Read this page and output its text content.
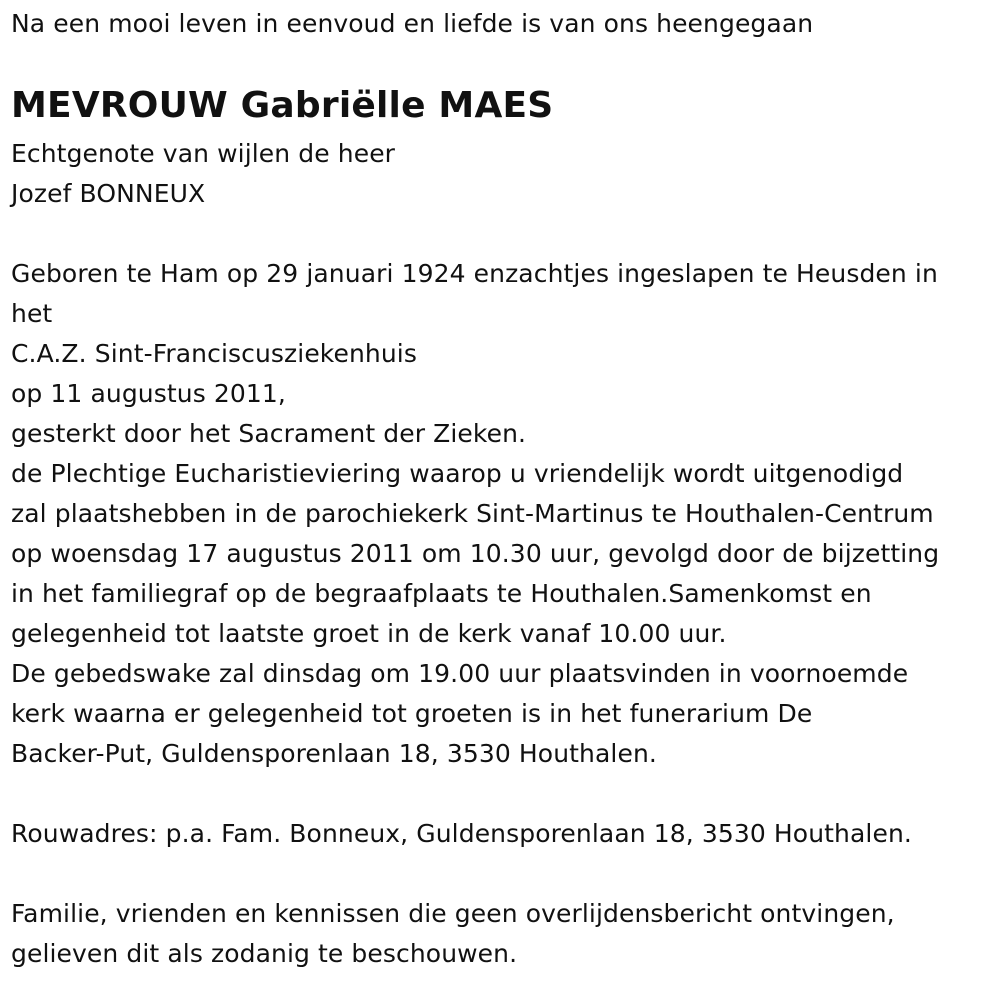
Na een mooi leven in eenvoud en liefde is van ons heengegaan
MEVROUW Gabriëlle MAES
Echtgenote van wijlen de heer
Jozef BONNEUX
Geboren te Ham op 29 januari 1924 enzachtjes ingeslapen te Heusden in
het
C.A.Z. Sint-Franciscusziekenhuis
op 11 augustus 2011,
gesterkt door het Sacrament der Zieken.
de Plechtige Eucharistieviering waarop u vriendelijk wordt uitgenodigd
zal plaatshebben in de parochiekerk Sint-Martinus te Houthalen-Centrum
op woensdag 17 augustus 2011 om 10.30 uur, gevolgd door de bijzetting
in het familiegraf op de begraafplaats te Houthalen.Samenkomst en
gelegenheid tot laatste groet in de kerk vanaf 10.00 uur.
De gebedswake zal dinsdag om 19.00 uur plaatsvinden in voornoemde
kerk waarna er gelegenheid tot groeten is in het funerarium De
Backer-Put, Guldensporenlaan 18, 3530 Houthalen.
Rouwadres: p.a. Fam. Bonneux, Guldensporenlaan 18, 3530 Houthalen.
Familie, vrienden en kennissen die geen overlijdensbericht ontvingen,
gelieven dit als zodanig te beschouwen.
